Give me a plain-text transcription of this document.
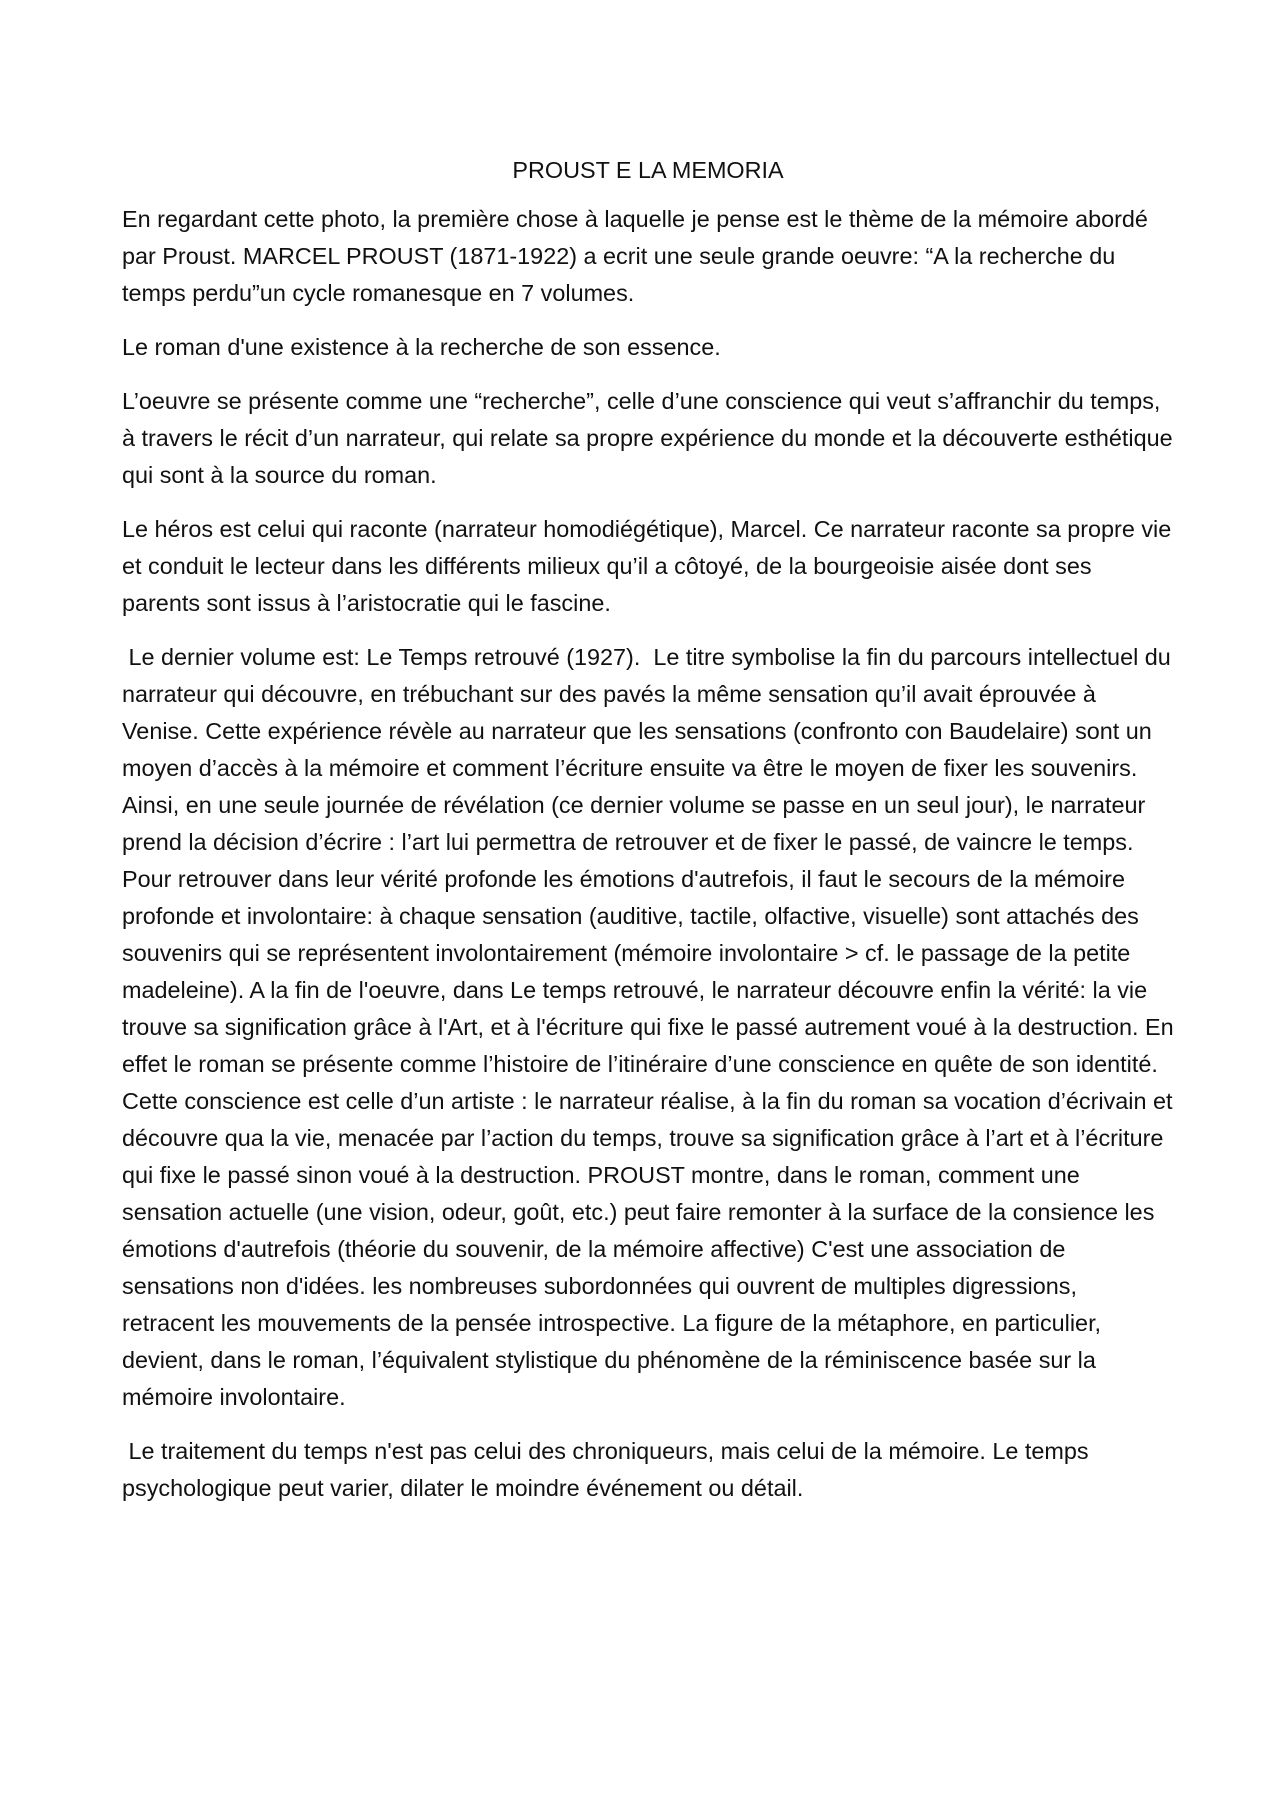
PROUST E LA MEMORIA

En regardant cette photo, la première chose à laquelle je pense est le thème de la mémoire abordé par Proust. MARCEL PROUST (1871-1922) a ecrit une seule grande oeuvre: “A la recherche du temps perdu”un cycle romanesque en 7 volumes.

Le roman d'une existence à la recherche de son essence.

L’oeuvre se présente comme une “recherche”, celle d’une conscience qui veut s’affranchir du temps, à travers le récit d’un narrateur, qui relate sa propre expérience du monde et la découverte esthétique qui sont à la source du roman.

Le héros est celui qui raconte (narrateur homodiégétique), Marcel. Ce narrateur raconte sa propre vie et conduit le lecteur dans les différents milieux qu’il a côtoyé, de la bourgeoisie aisée dont ses parents sont issus à l’aristocratie qui le fascine.

Le dernier volume est: Le Temps retrouvé (1927).  Le titre symbolise la fin du parcours intellectuel du narrateur qui découvre, en trébuchant sur des pavés la même sensation qu’il avait éprouvée à Venise. Cette expérience révèle au narrateur que les sensations (confronto con Baudelaire) sont un moyen d’accès à la mémoire et comment l’écriture ensuite va être le moyen de fixer les souvenirs. Ainsi, en une seule journée de révélation (ce dernier volume se passe en un seul jour), le narrateur prend la décision d’écrire : l’art lui permettra de retrouver et de fixer le passé, de vaincre le temps. Pour retrouver dans leur vérité profonde les émotions d'autrefois, il faut le secours de la mémoire profonde et involontaire: à chaque sensation (auditive, tactile, olfactive, visuelle) sont attachés des souvenirs qui se représentent involontairement (mémoire involontaire > cf. le passage de la petite madeleine). A la fin de l'oeuvre, dans Le temps retrouvé, le narrateur découvre enfin la vérité: la vie trouve sa signification grâce à l'Art, et à l'écriture qui fixe le passé autrement voué à la destruction. En effet le roman se présente comme l’histoire de l’itinéraire d’une conscience en quête de son identité. Cette conscience est celle d’un artiste : le narrateur réalise, à la fin du roman sa vocation d’écrivain et découvre qua la vie, menacée par l’action du temps, trouve sa signification grâce à l’art et à l’écriture qui fixe le passé sinon voué à la destruction. PROUST montre, dans le roman, comment une sensation actuelle (une vision, odeur, goût, etc.) peut faire remonter à la surface de la consience les émotions d'autrefois (théorie du souvenir, de la mémoire affective) C'est une association de sensations non d'idées. les nombreuses subordonnées qui ouvrent de multiples digressions, retracent les mouvements de la pensée introspective. La figure de la métaphore, en particulier, devient, dans le roman, l’équivalent stylistique du phénomène de la réminiscence basée sur la mémoire involontaire.

Le traitement du temps n'est pas celui des chroniqueurs, mais celui de la mémoire. Le temps psychologique peut varier, dilater le moindre événement ou détail.
